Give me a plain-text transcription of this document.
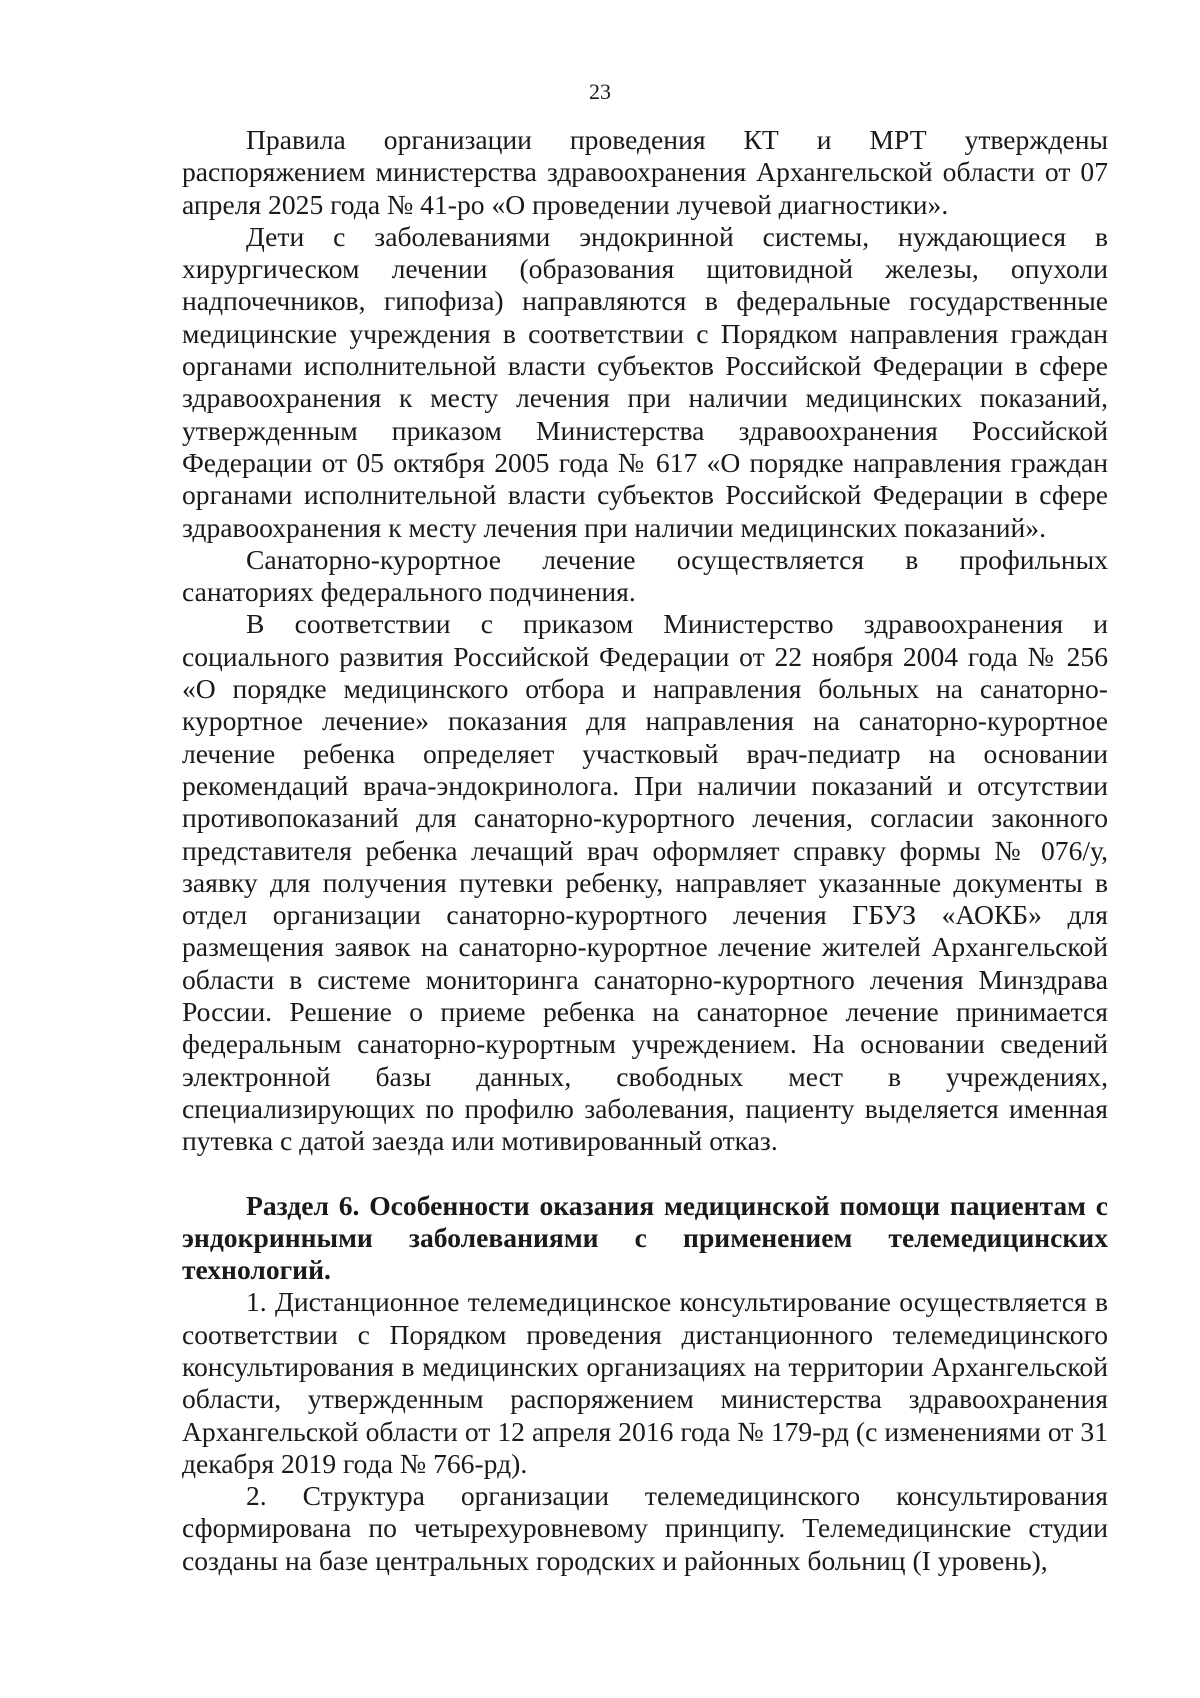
23

Правила организации проведения КТ и МРТ утверждены распоряжением министерства здравоохранения Архангельской области от 07 апреля 2025 года № 41-ро «О проведении лучевой диагностики».

Дети с заболеваниями эндокринной системы, нуждающиеся в хирургическом лечении (образования щитовидной железы, опухоли надпочечников, гипофиза) направляются в федеральные государственные медицинские учреждения в соответствии с Порядком направления граждан органами исполнительной власти субъектов Российской Федерации в сфере здравоохранения к месту лечения при наличии медицинских показаний, утвержденным приказом Министерства здравоохранения Российской Федерации от 05 октября 2005 года № 617 «О порядке направления граждан органами исполнительной власти субъектов Российской Федерации в сфере здравоохранения к месту лечения при наличии медицинских показаний».

Санаторно-курортное лечение осуществляется в профильных санаториях федерального подчинения.

В соответствии с приказом Министерство здравоохранения и социального развития Российской Федерации от 22 ноября 2004 года № 256 «О порядке медицинского отбора и направления больных на санаторно-курортное лечение» показания для направления на санаторно-курортное лечение ребенка определяет участковый врач-педиатр на основании рекомендаций врача-эндокринолога. При наличии показаний и отсутствии противопоказаний для санаторно-курортного лечения, согласии законного представителя ребенка лечащий врач оформляет справку формы № 076/у, заявку для получения путевки ребенку, направляет указанные документы в отдел организации санаторно-курортного лечения ГБУЗ «АОКБ» для размещения заявок на санаторно-курортное лечение жителей Архангельской области в системе мониторинга санаторно-курортного лечения Минздрава России. Решение о приеме ребенка на санаторное лечение принимается федеральным санаторно-курортным учреждением. На основании сведений электронной базы данных, свободных мест в учреждениях, специализирующих по профилю заболевания, пациенту выделяется именная путевка с датой заезда или мотивированный отказ.

Раздел 6. Особенности оказания медицинской помощи пациентам с эндокринными заболеваниями с применением телемедицинских технологий.

1. Дистанционное телемедицинское консультирование осуществляется в соответствии с Порядком проведения дистанционного телемедицинского консультирования в медицинских организациях на территории Архангельской области, утвержденным распоряжением министерства здравоохранения Архангельской области от 12 апреля 2016 года № 179-рд (с изменениями от 31 декабря 2019 года № 766-рд).

2. Структура организации телемедицинского консультирования сформирована по четырехуровневому принципу. Телемедицинские студии созданы на базе центральных городских и районных больниц (I уровень),
